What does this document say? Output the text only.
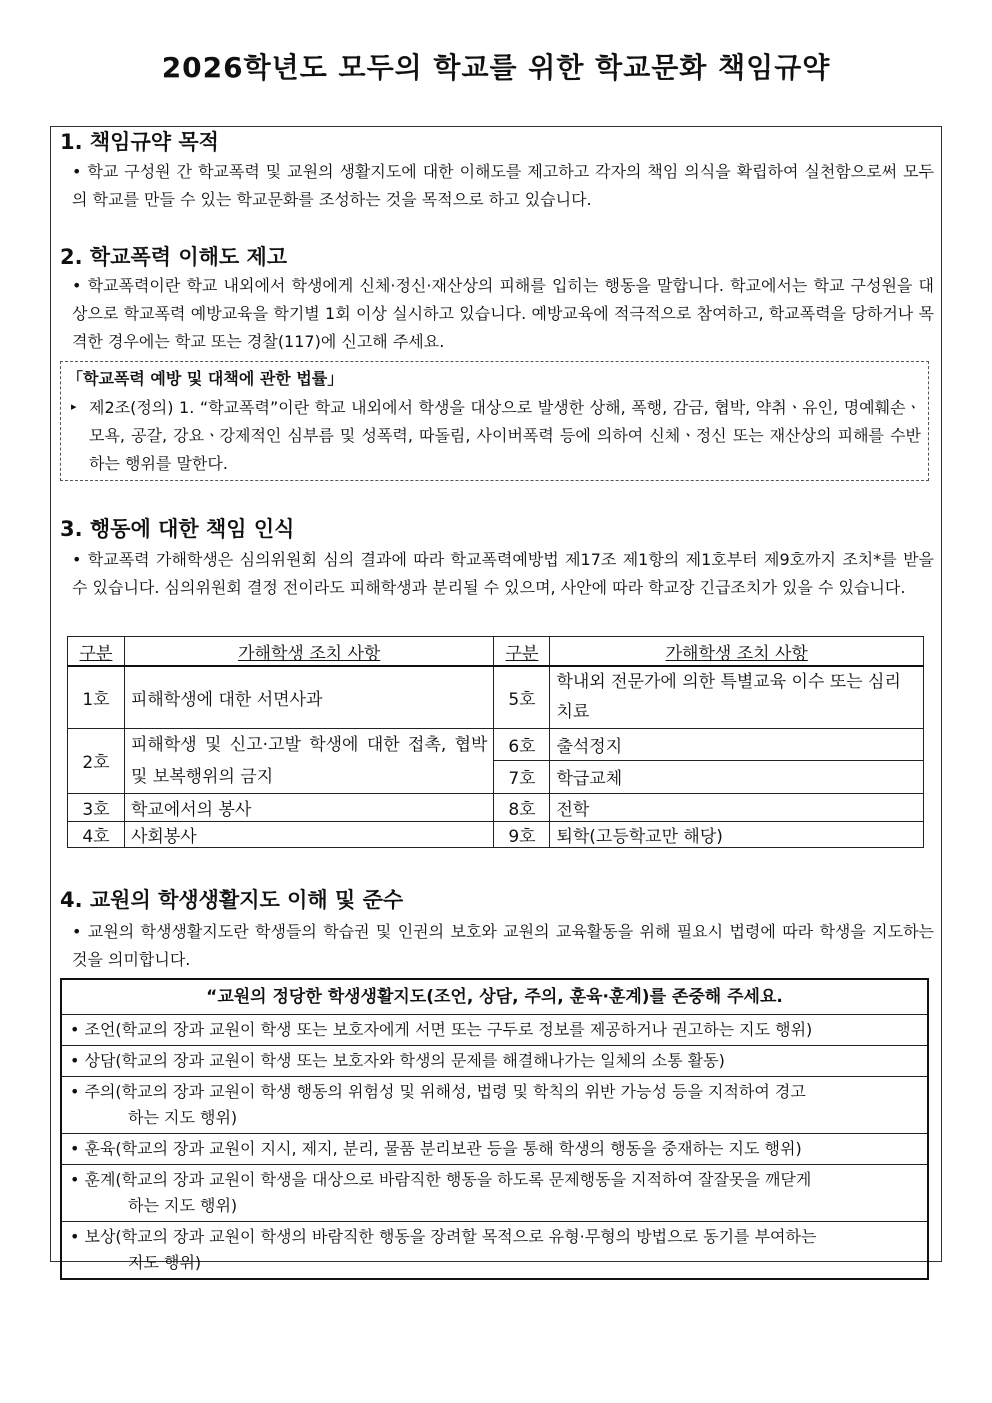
2026학년도 모두의 학교를 위한 학교문화 책임규약
1. 책임규약 목적

• 학교 구성원 간 학교폭력 및 교원의 생활지도에 대한 이해도를 제고하고 각자의 책임 의식을 확립하여 실천함으로써 모두의 학교를 만들 수 있는 학교문화를 조성하는 것을 목적으로 하고 있습니다.

2. 학교폭력 이해도 제고

• 학교폭력이란 학교 내외에서 학생에게 신체·정신·재산상의 피해를 입히는 행동을 말합니다. 학교에서는 학교 구성원을 대상으로 학교폭력 예방교육을 학기별 1회 이상 실시하고 있습니다. 예방교육에 적극적으로 참여하고, 학교폭력을 당하거나 목격한 경우에는 학교 또는 경찰(117)에 신고해 주세요.

「학교폭력 예방 및 대책에 관한 법률」
▸ 제2조(정의) 1. “학교폭력”이란 학교 내외에서 학생을 대상으로 발생한 상해, 폭행, 감금, 협박, 약취ㆍ유인, 명예훼손ㆍ모욕, 공갈, 강요ㆍ강제적인 심부름 및 성폭력, 따돌림, 사이버폭력 등에 의하여 신체ㆍ정신 또는 재산상의 피해를 수반하는 행위를 말한다.
3. 행동에 대한 책임 인식

• 학교폭력 가해학생은 심의위원회 심의 결과에 따라 학교폭력예방법 제17조 제1항의 제1호부터 제9호까지 조치*를 받을 수 있습니다. 심의위원회 결정 전이라도 피해학생과 분리될 수 있으며, 사안에 따라 학교장 긴급조치가 있을 수 있습니다.

구분	가해학생 조치 사항	구분	가해학생 조치 사항
1호	피해학생에 대한 서면사과	5호	학내외 전문가에 의한 특별교육 이수 또는 심리치료
2호	피해학생 및 신고·고발 학생에 대한 접촉, 협박 및 보복행위의 금지	6호	출석정지
		7호	학급교체
3호	학교에서의 봉사	8호	전학
4호	사회봉사	9호	퇴학(고등학교만 해당)
4. 교원의 학생생활지도 이해 및 준수

• 교원의 학생생활지도란 학생들의 학습권 및 인권의 보호와 교원의 교육활동을 위해 필요시 법령에 따라 학생을 지도하는 것을 의미합니다.

“교원의 정당한 학생생활지도(조언, 상담, 주의, 훈육·훈계)를 존중해 주세요.
• 조언(학교의 장과 교원이 학생 또는 보호자에게 서면 또는 구두로 정보를 제공하거나 권고하는 지도 행위)
• 상담(학교의 장과 교원이 학생 또는 보호자와 학생의 문제를 해결해나가는 일체의 소통 활동)
• 주의(학교의 장과 교원이 학생 행동의 위험성 및 위해성, 법령 및 학칙의 위반 가능성 등을 지적하여 경고
하는 지도 행위)
• 훈육(학교의 장과 교원이 지시, 제지, 분리, 물품 분리보관 등을 통해 학생의 행동을 중재하는 지도 행위)
• 훈계(학교의 장과 교원이 학생을 대상으로 바람직한 행동을 하도록 문제행동을 지적하여 잘잘못을 깨닫게
하는 지도 행위)
• 보상(학교의 장과 교원이 학생의 바람직한 행동을 장려할 목적으로 유형·무형의 방법으로 동기를 부여하는
지도 행위)
